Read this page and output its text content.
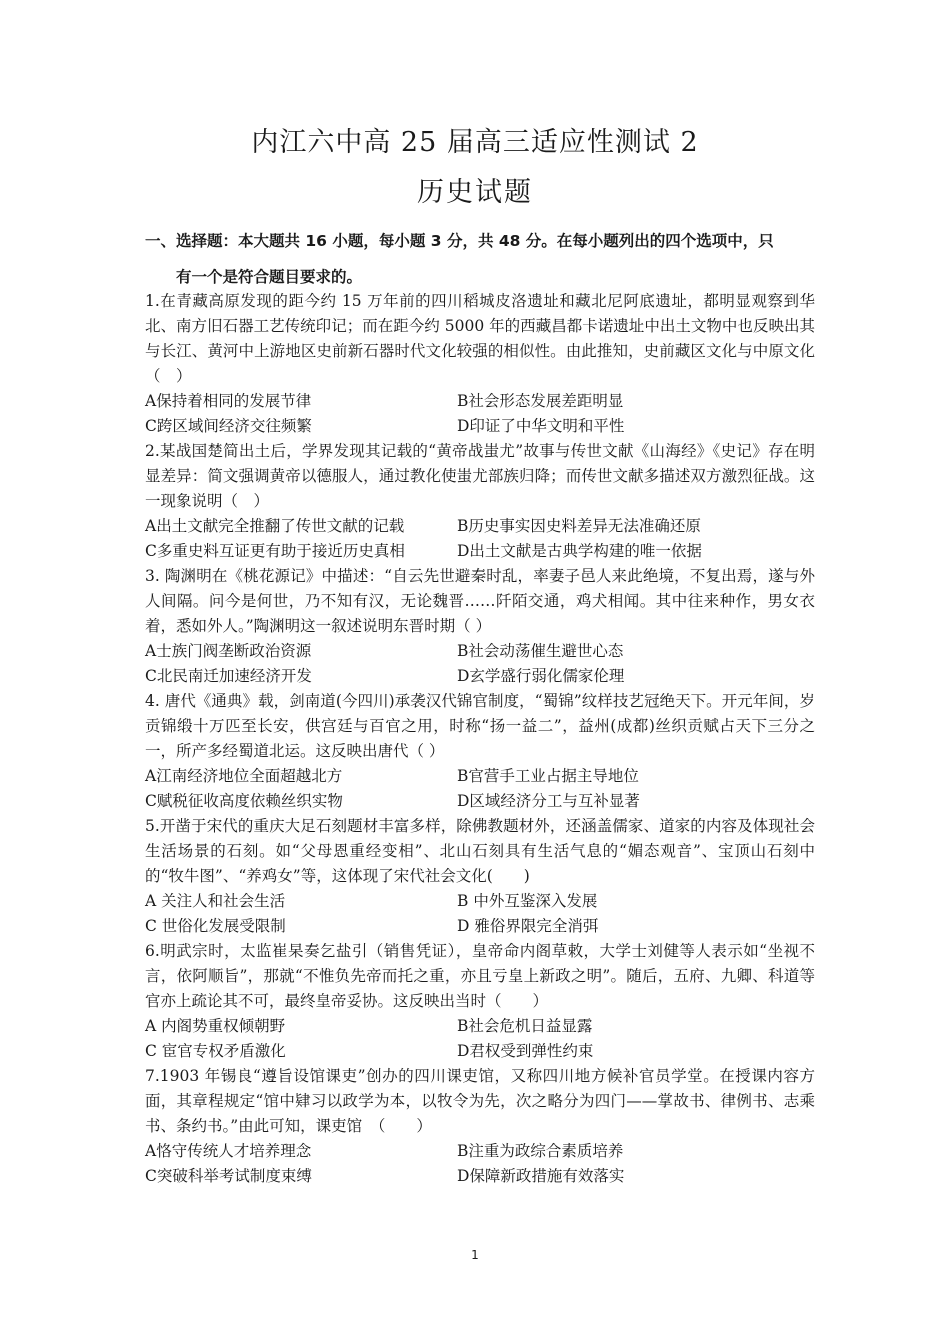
内江六中高 25 届高三适应性测试 2
历史试题
一、选择题：本大题共 16 小题，每小题 3 分，共 48 分。在每小题列出的四个选项中，只
有一个是符合题目要求的。
1.在青藏高原发现的距今约 15 万年前的四川稻城皮洛遗址和藏北尼阿底遗址，都明显观察到华北、南方旧石器工艺传统印记；而在距今约 5000 年的西藏昌都卡诺遗址中出土文物中也反映出其与长江、黄河中上游地区史前新石器时代文化较强的相似性。由此推知，史前藏区文化与中原文化　（　）
A保持着相同的发展节律	B社会形态发展差距明显
C跨区域间经济交往频繁	D印证了中华文明和平性
2.某战国楚简出土后，学界发现其记载的“黄帝战蚩尤”故事与传世文献《山海经》《史记》存在明显差异：简文强调黄帝以德服人，通过教化使蚩尤部族归降；而传世文献多描述双方激烈征战。这一现象说明（　）
A出土文献完全推翻了传世文献的记载	B历史事实因史料差异无法准确还原
C多重史料互证更有助于接近历史真相	D出土文献是古典学构建的唯一依据
3. 陶渊明在《桃花源记》中描述：“自云先世避秦时乱，率妻子邑人来此绝境，不复出焉，遂与外人间隔。问今是何世，乃不知有汉，无论魏晋……阡陌交通，鸡犬相闻。其中往来种作，男女衣着，悉如外人。”陶渊明这一叙述说明东晋时期（ ）
A士族门阀垄断政治资源	B社会动荡催生避世心态
C北民南迁加速经济开发	D玄学盛行弱化儒家伦理
4. 唐代《通典》载，剑南道(今四川)承袭汉代锦官制度，“蜀锦”纹样技艺冠绝天下。开元年间，岁贡锦缎十万匹至长安，供宫廷与百官之用，时称“扬一益二”，益州(成都)丝织贡赋占天下三分之一，所产多经蜀道北运。这反映出唐代（ ）
A江南经济地位全面超越北方	B官营手工业占据主导地位
C赋税征收高度依赖丝织实物	D区域经济分工与互补显著
5.开凿于宋代的重庆大足石刻题材丰富多样，除佛教题材外，还涵盖儒家、道家的内容及体现社会生活场景的石刻。如“父母恩重经变相”、北山石刻具有生活气息的“媚态观音”、宝顶山石刻中的“牧牛图”、“养鸡女”等，这体现了宋代社会文化(　　)
A 关注人和社会生活	B 中外互鉴深入发展
C 世俗化发展受限制	D 雅俗界限完全消弭
6.明武宗时，太监崔杲奏乞盐引（销售凭证），皇帝命内阁草敕，大学士刘健等人表示如“坐视不言，依阿顺旨”，那就“不惟负先帝而托之重，亦且亏皇上新政之明”。随后，五府、九卿、科道等官亦上疏论其不可，最终皇帝妥协。这反映出当时（　　）
A 内阁势重权倾朝野	B社会危机日益显露
C 宦官专权矛盾激化	D君权受到弹性约束
7.1903 年锡良“遵旨设馆课吏”创办的四川课吏馆，又称四川地方候补官员学堂。在授课内容方面，其章程规定“馆中肄习以政学为本，以牧令为先，次之略分为四门——掌故书、律例书、志乘书、条约书。”由此可知，课吏馆　（　　）
A恪守传统人才培养理念	B注重为政综合素质培养
C突破科举考试制度束缚	D保障新政措施有效落实
1
